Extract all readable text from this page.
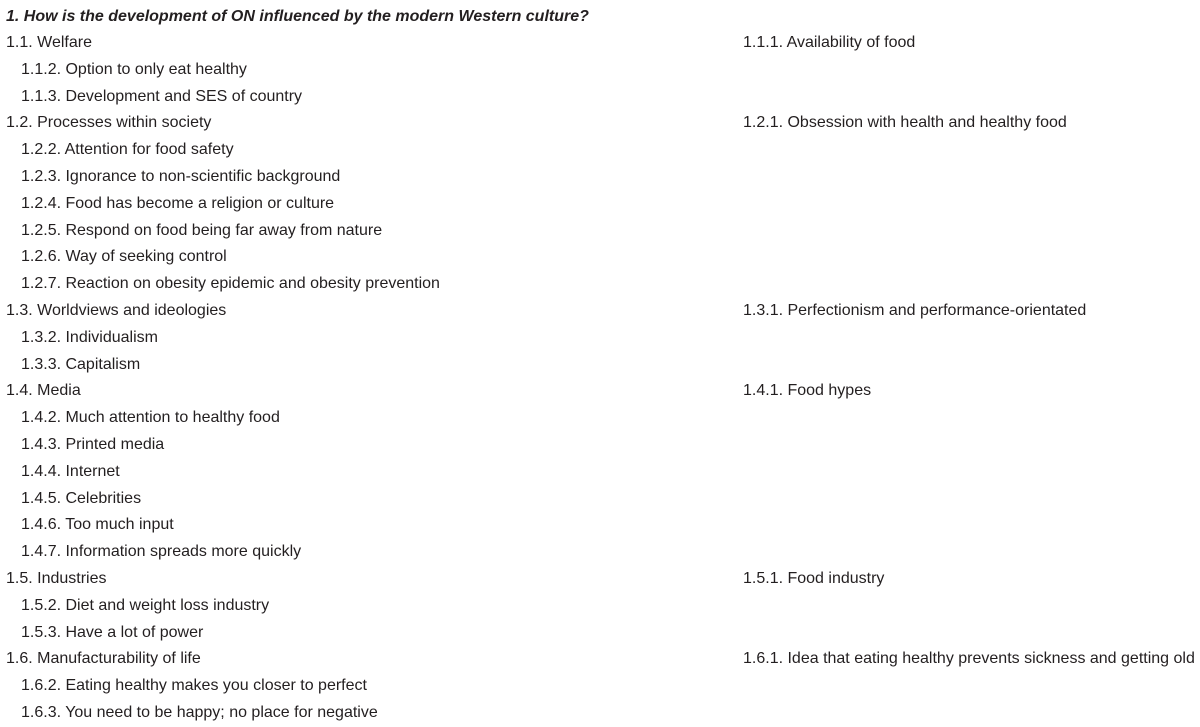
1. How is the development of ON influenced by the modern Western culture?
1.1. Welfare	1.1.1. Availability of food
1.1.2. Option to only eat healthy
1.1.3. Development and SES of country
1.2. Processes within society	1.2.1. Obsession with health and healthy food
1.2.2. Attention for food safety
1.2.3. Ignorance to non-scientific background
1.2.4. Food has become a religion or culture
1.2.5. Respond on food being far away from nature
1.2.6. Way of seeking control
1.2.7. Reaction on obesity epidemic and obesity prevention
1.3. Worldviews and ideologies	1.3.1. Perfectionism and performance-orientated
1.3.2. Individualism
1.3.3. Capitalism
1.4. Media	1.4.1. Food hypes
1.4.2. Much attention to healthy food
1.4.3. Printed media
1.4.4. Internet
1.4.5. Celebrities
1.4.6. Too much input
1.4.7. Information spreads more quickly
1.5. Industries	1.5.1. Food industry
1.5.2. Diet and weight loss industry
1.5.3. Have a lot of power
1.6. Manufacturability of life	1.6.1. Idea that eating healthy prevents sickness and getting old
1.6.2. Eating healthy makes you closer to perfect
1.6.3. You need to be happy; no place for negative
